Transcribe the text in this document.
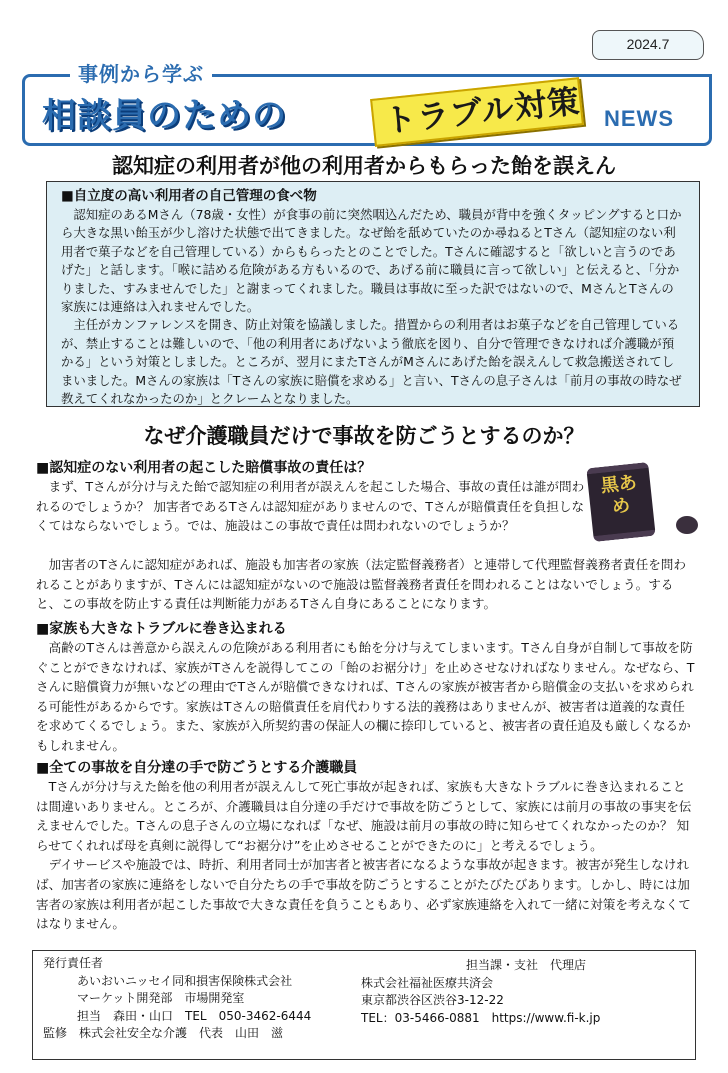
2024.7
事例から学ぶ
相談員のための	トラブル対策 NEWS
認知症の利用者が他の利用者からもらった飴を誤えん
■自立度の高い利用者の自己管理の食べ物

認知症のあるMさん（78歳・女性）が食事の前に突然咽込んだため、職員が背中を強くタッピングすると口から大きな黒い飴玉が少し溶けた状態で出てきました。なぜ飴を舐めていたのか尋ねるとTさん（認知症のない利用者で菓子などを自己管理している）からもらったとのことでした。Tさんに確認すると「欲しいと言うのであげた」と話します。「喉に詰める危険がある方もいるので、あげる前に職員に言って欲しい」と伝えると、「分かりました、すみませんでした」と謝まってくれました。職員は事故に至った訳ではないので、MさんとTさんの家族には連絡は入れませんでした。

主任がカンファレンスを開き、防止対策を協議しました。措置からの利用者はお菓子などを自己管理しているが、禁止することは難しいので、「他の利用者にあげないよう徹底を図り、自分で管理できなければ介護職が預かる」という対策としました。ところが、翌月にまたTさんがMさんにあげた飴を誤えんして救急搬送されてしまいました。Mさんの家族は「Tさんの家族に賠償を求める」と言い、Tさんの息子さんは「前月の事故の時なぜ教えてくれなかったのか」とクレームとなりました。

なぜ介護職員だけで事故を防ごうとするのか？
黒あめ
■認知症のない利用者の起こした賠償事故の責任は？

まず、Tさんが分け与えた飴で認知症の利用者が誤えんを起こした場合、事故の責任は誰が問われるのでしょうか？ 加害者であるTさんは認知症がありませんので、Tさんが賠償責任を負担しなくてはならないでしょう。では、施設はこの事故で責任は問われないのでしょうか？

加害者のTさんに認知症があれば、施設も加害者の家族（法定監督義務者）と連帯して代理監督義務者責任を問われることがありますが、Tさんには認知症がないので施設は監督義務者責任を問われることはないでしょう。すると、この事故を防止する責任は判断能力があるTさん自身にあることになります。

■家族も大きなトラブルに巻き込まれる

高齢のTさんは善意から誤えんの危険がある利用者にも飴を分け与えてしまいます。Tさん自身が自制して事故を防ぐことができなければ、家族がTさんを説得してこの「飴のお裾分け」を止めさせなければなりません。なぜなら、Tさんに賠償資力が無いなどの理由でTさんが賠償できなければ、Tさんの家族が被害者から賠償金の支払いを求められる可能性があるからです。家族はTさんの賠償責任を肩代わりする法的義務はありませんが、被害者は道義的な責任を求めてくるでしょう。また、家族が入所契約書の保証人の欄に捺印していると、被害者の責任追及も厳しくなるかもしれません。

■全ての事故を自分達の手で防ごうとする介護職員

Tさんが分け与えた飴を他の利用者が誤えんして死亡事故が起きれば、家族も大きなトラブルに巻き込まれることは間違いありません。ところが、介護職員は自分達の手だけで事故を防ごうとして、家族には前月の事故の事実を伝えませんでした。Tさんの息子さんの立場になれば「なぜ、施設は前月の事故の時に知らせてくれなかったのか？ 知らせてくれれば母を真剣に説得して“お裾分け”を止めさせることができたのに」と考えるでしょう。

デイサービスや施設では、時折、利用者同士が加害者と被害者になるような事故が起きます。被害が発生しなければ、加害者の家族に連絡をしないで自分たちの手で事故を防ごうとすることがたびたびあります。しかし、時には加害者の家族は利用者が起こした事故で大きな責任を負うこともあり、必ず家族連絡を入れて一緒に対策を考えなくてはなりません。

発行責任者
あいおいニッセイ同和損害保険株式会社
マーケット開発部　市場開発室
担当　森田・山口　TEL　050-3462-6444
監修　株式会社安全な介護　代表　山田　滋
担当課・支社　代理店
株式会社福祉医療共済会
東京都渋谷区渋谷3-12-22
TEL：03-5466-0881　https://www.fi-k.jp
